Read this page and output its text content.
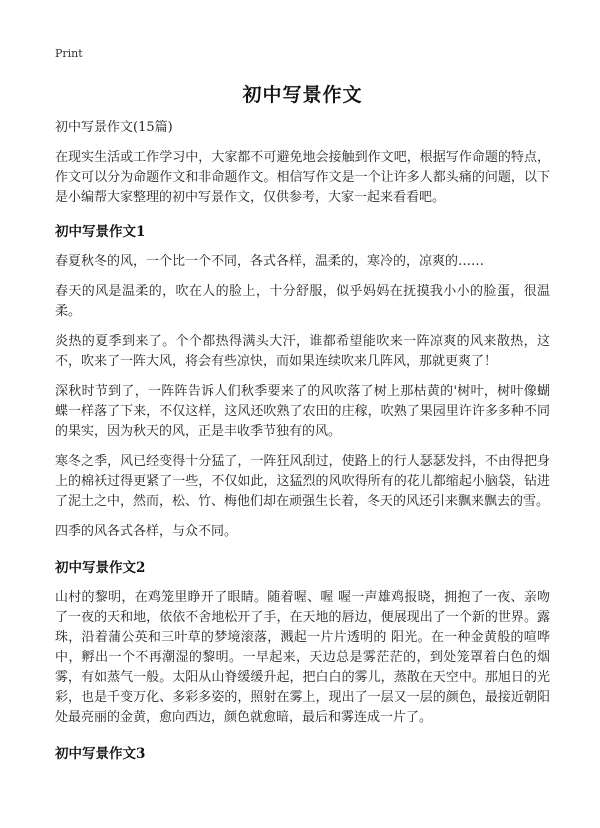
Print
初中写景作文

初中写景作文(15篇)

在现实生活或工作学习中，大家都不可避免地会接触到作文吧，根据写作命题的特点，作文可以分为命题作文和非命题作文。相信写作文是一个让许多人都头痛的问题，以下是小编帮大家整理的初中写景作文，仅供参考，大家一起来看看吧。

初中写景作文1

春夏秋冬的风，一个比一个不同，各式各样，温柔的，寒冷的，凉爽的……

春天的风是温柔的，吹在人的脸上，十分舒服，似乎妈妈在抚摸我小小的脸蛋，很温柔。

炎热的夏季到来了。个个都热得满头大汗，谁都希望能吹来一阵凉爽的风来散热，这不，吹来了一阵大风，将会有些凉快，而如果连续吹来几阵风，那就更爽了！

深秋时节到了，一阵阵告诉人们秋季要来了的风吹落了树上那枯黄的'树叶，树叶像蝴蝶一样落了下来，不仅这样，这风还吹熟了农田的庄稼，吹熟了果园里许许多多种不同的果实，因为秋天的风，正是丰收季节独有的风。

寒冬之季，风已经变得十分猛了，一阵狂风刮过，使路上的行人瑟瑟发抖，不由得把身上的棉袄过得更紧了一些，不仅如此，这猛烈的风吹得所有的花儿都缩起小脑袋，钻进了泥土之中，然而，松、竹、梅他们却在顽强生长着，冬天的风还引来飘来飘去的雪。

四季的风各式各样，与众不同。

初中写景作文2

山村的黎明，在鸡笼里睁开了眼睛。随着喔、喔 喔一声雄鸡报晓，拥抱了一夜、亲吻了一夜的天和地，依依不舍地松开了手，在天地的唇边，便展现出了一个新的世界。露珠，沿着蒲公英和三叶草的梦境滚落，溅起一片片透明的 阳光。在一种金黄般的喧哗中，孵出一个不再潮湿的黎明。一早起来，天边总是雾茫茫的，到处笼罩着白色的烟雾，有如蒸气一般。太阳从山脊缓缓升起，把白白的雾儿，蒸散在天空中。那旭日的光彩，也是千变万化、多彩多姿的，照射在雾上，现出了一层又一层的颜色，最接近朝阳处最亮丽的金黄，愈向西边，颜色就愈暗，最后和雾连成一片了。

初中写景作文3
